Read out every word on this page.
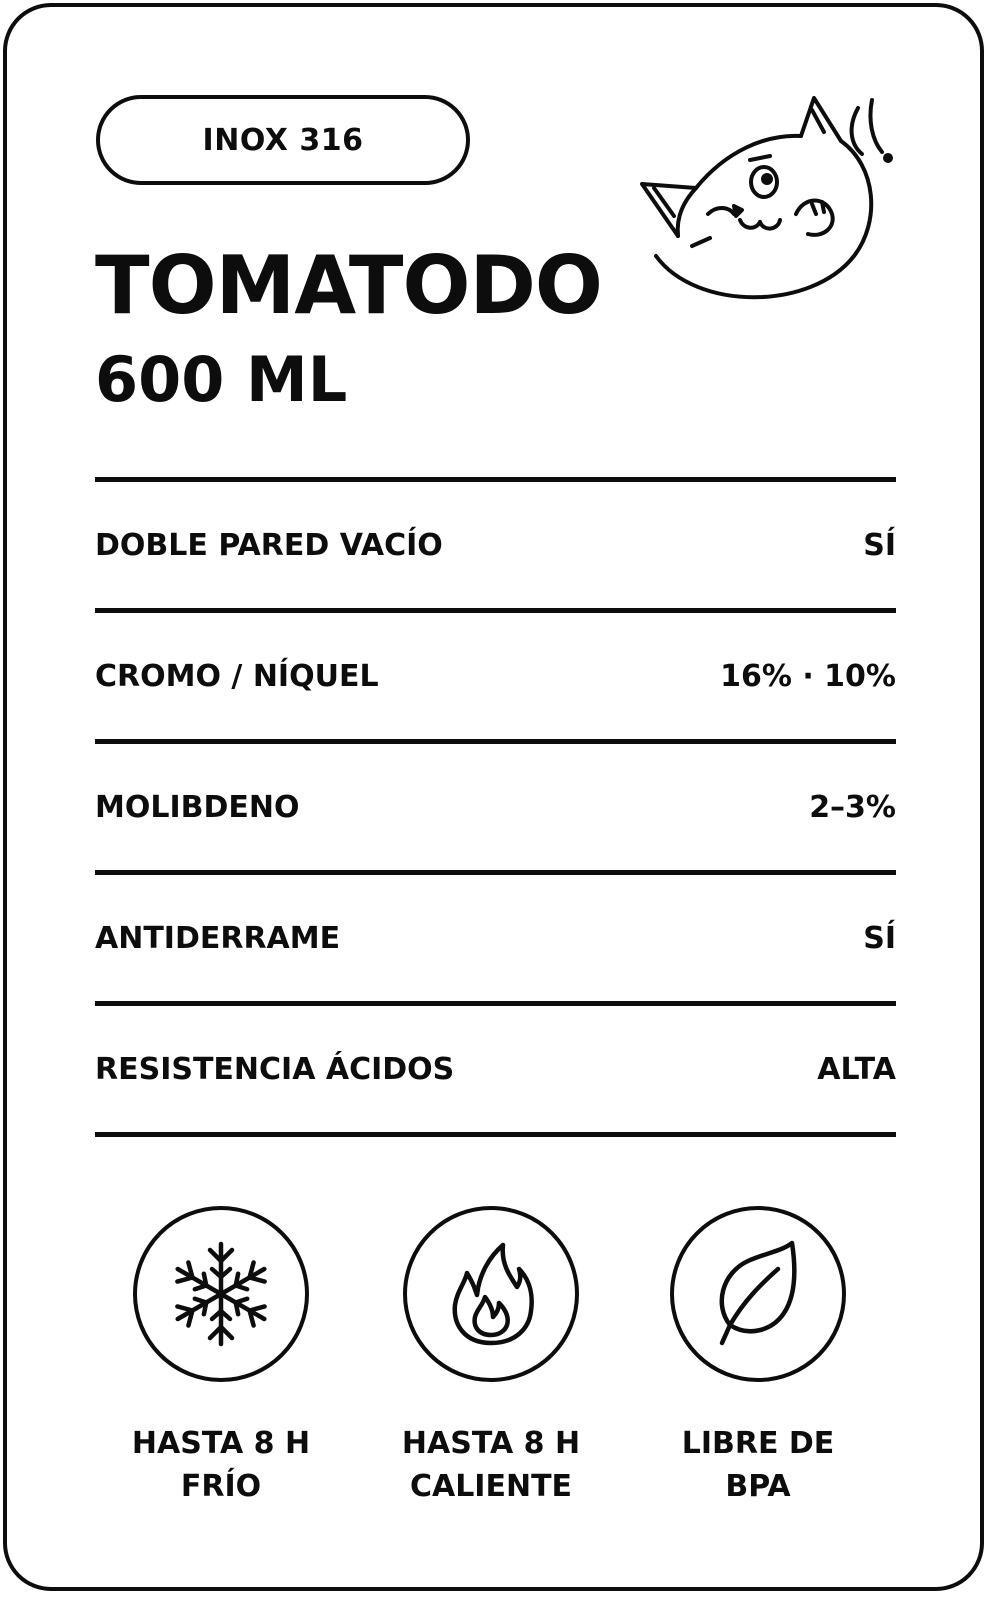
INOX 316
TOMATODO
600 ML
DOBLE PARED VACÍO	SÍ
CROMO / NÍQUEL	16% · 10%
MOLIBDENO	2–3%
ANTIDERRAME	SÍ
RESISTENCIA ÁCIDOS	ALTA
HASTA 8 H
FRÍO
HASTA 8 H
CALIENTE
LIBRE DE
BPA
